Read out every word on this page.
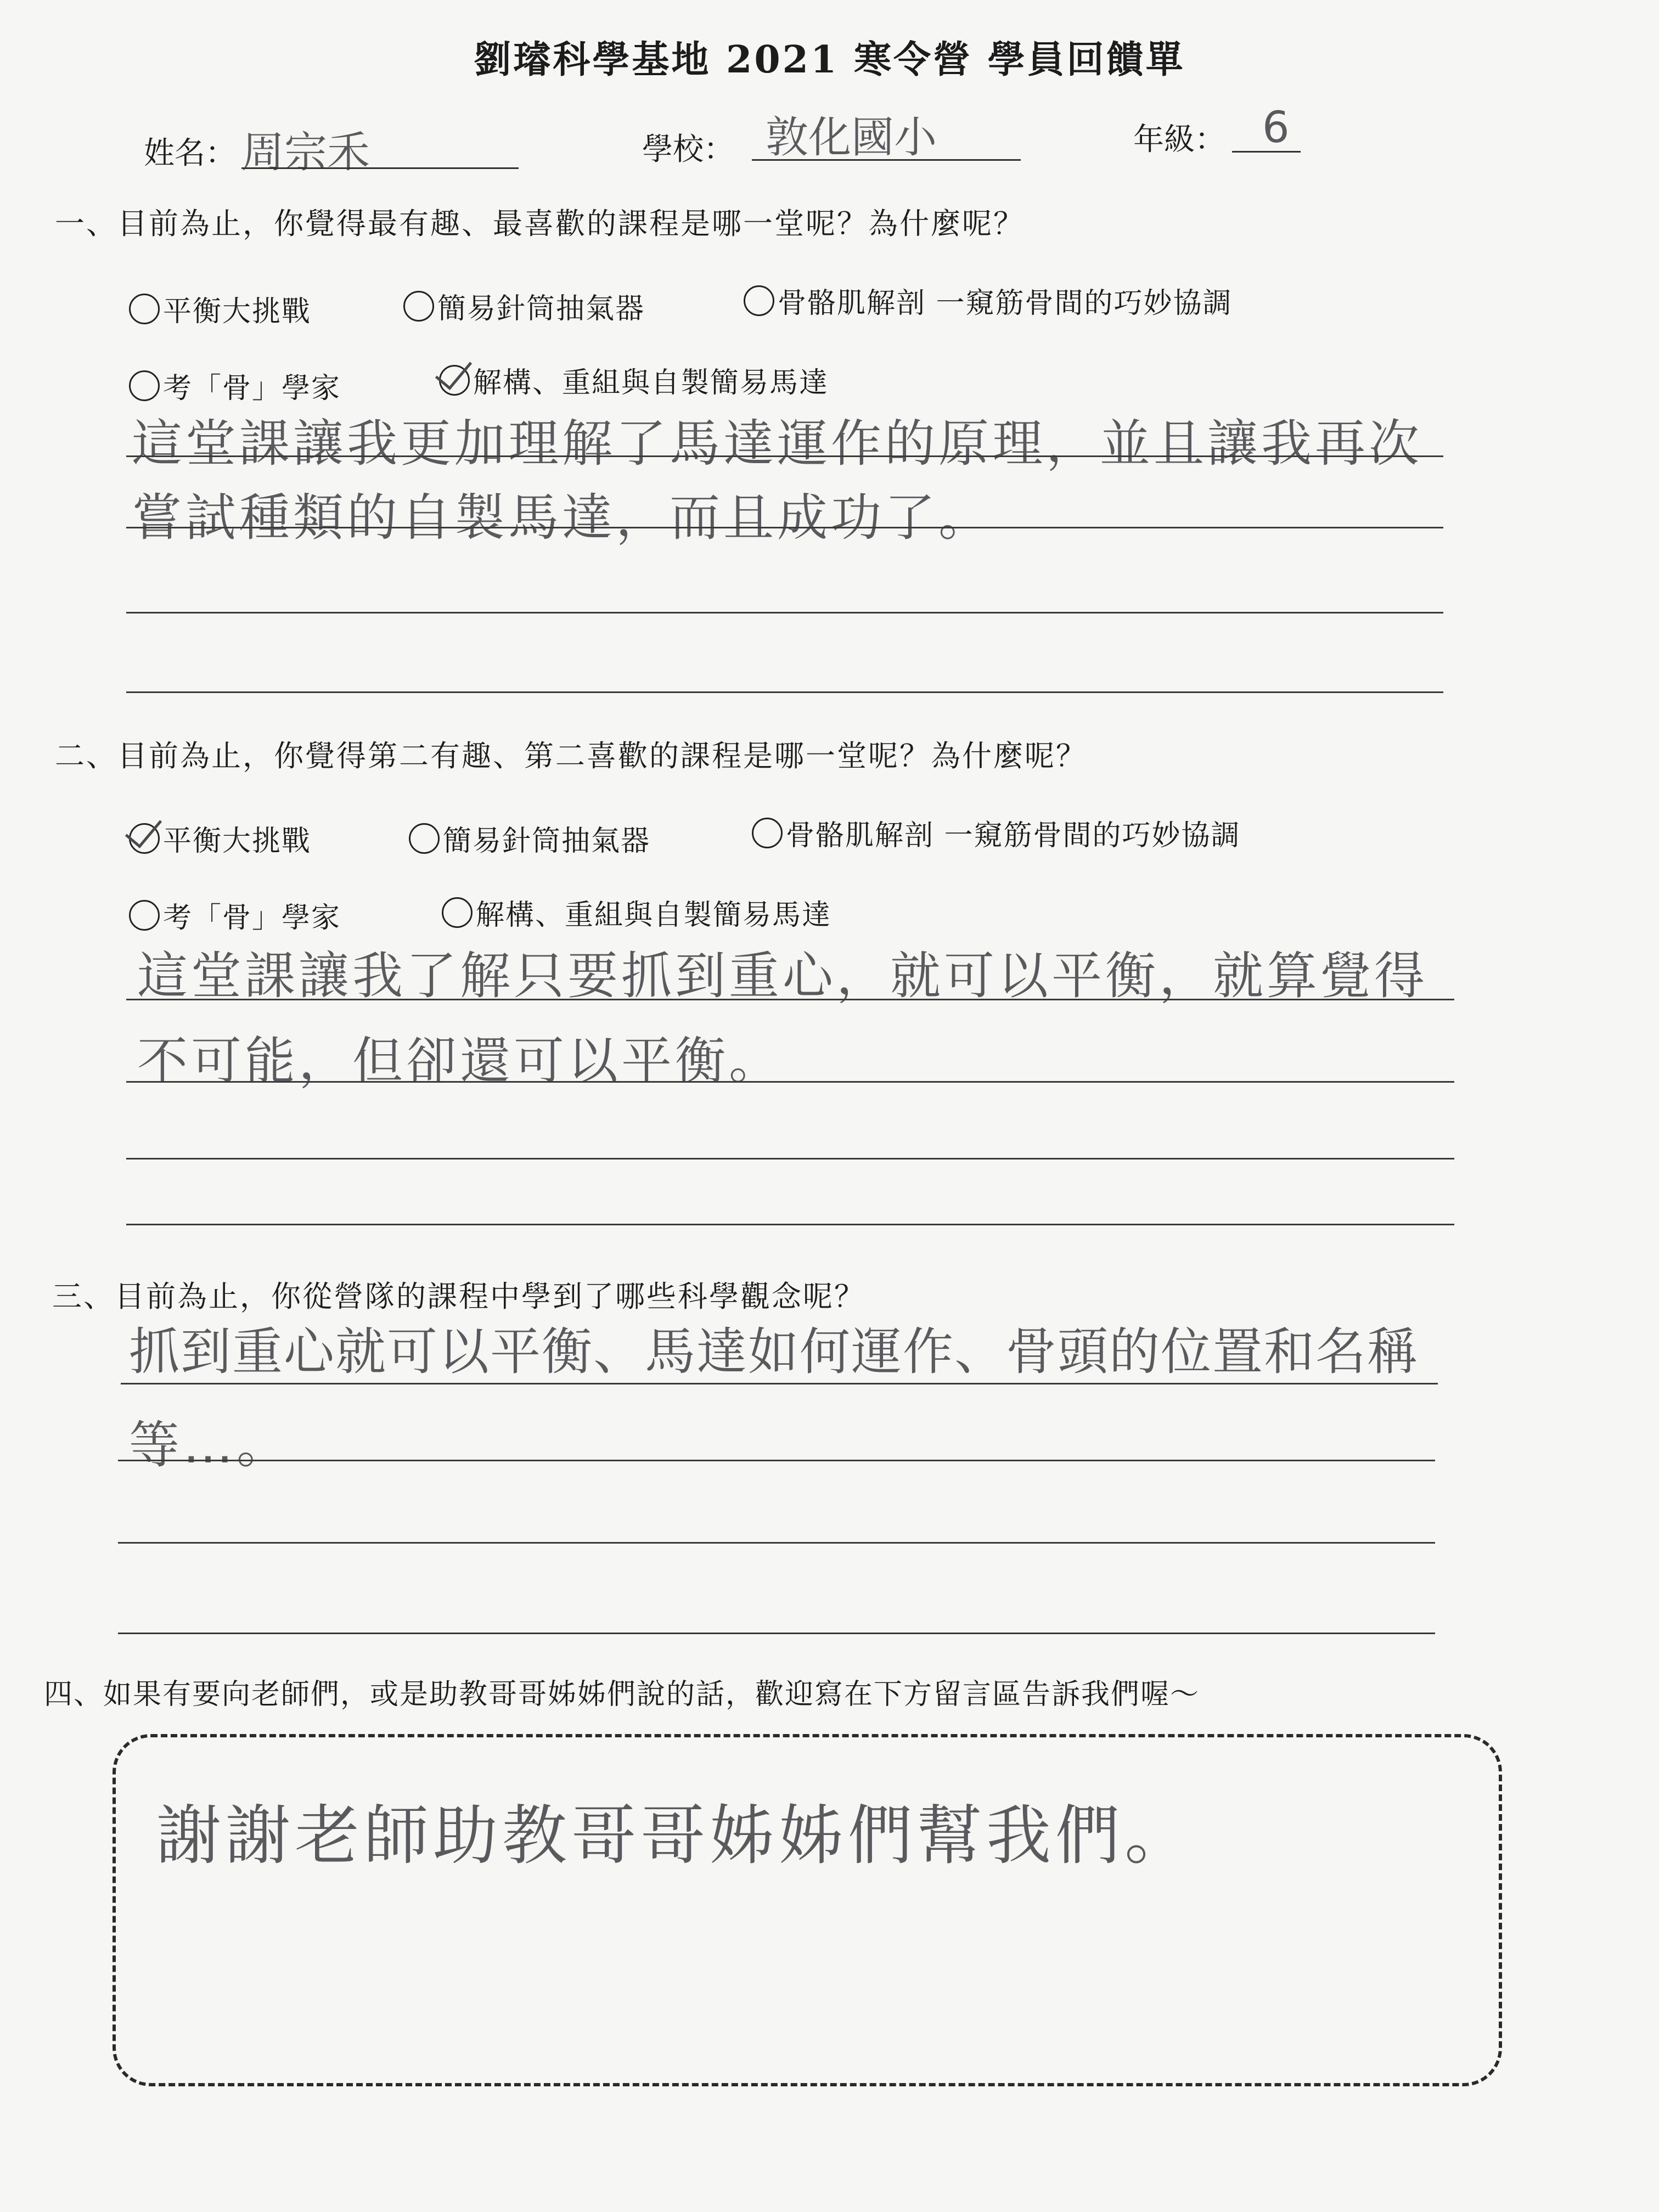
劉璿科學基地 2021 寒令營 學員回饋單
姓名： 周宗禾	學校： 敦化國小	年級： 6
一、目前為止，你覺得最有趣、最喜歡的課程是哪一堂呢？為什麼呢？
平衡大挑戰	簡易針筒抽氣器	骨骼肌解剖 一窺筋骨間的巧妙協調
考「骨」學家	解構、重組與自製簡易馬達
這堂課讓我更加理解了馬達運作的原理，並且讓我再次
嘗試種類的自製馬達，而且成功了。
二、目前為止，你覺得第二有趣、第二喜歡的課程是哪一堂呢？為什麼呢？
平衡大挑戰	簡易針筒抽氣器	骨骼肌解剖 一窺筋骨間的巧妙協調
考「骨」學家	解構、重組與自製簡易馬達
這堂課讓我了解只要抓到重心，就可以平衡，就算覺得
不可能，但卻還可以平衡。
三、目前為止，你從營隊的課程中學到了哪些科學觀念呢？
抓到重心就可以平衡、馬達如何運作、骨頭的位置和名稱
等…。
四、如果有要向老師們，或是助教哥哥姊姊們說的話，歡迎寫在下方留言區告訴我們喔～
謝謝老師助教哥哥姊姊們幫我們。
